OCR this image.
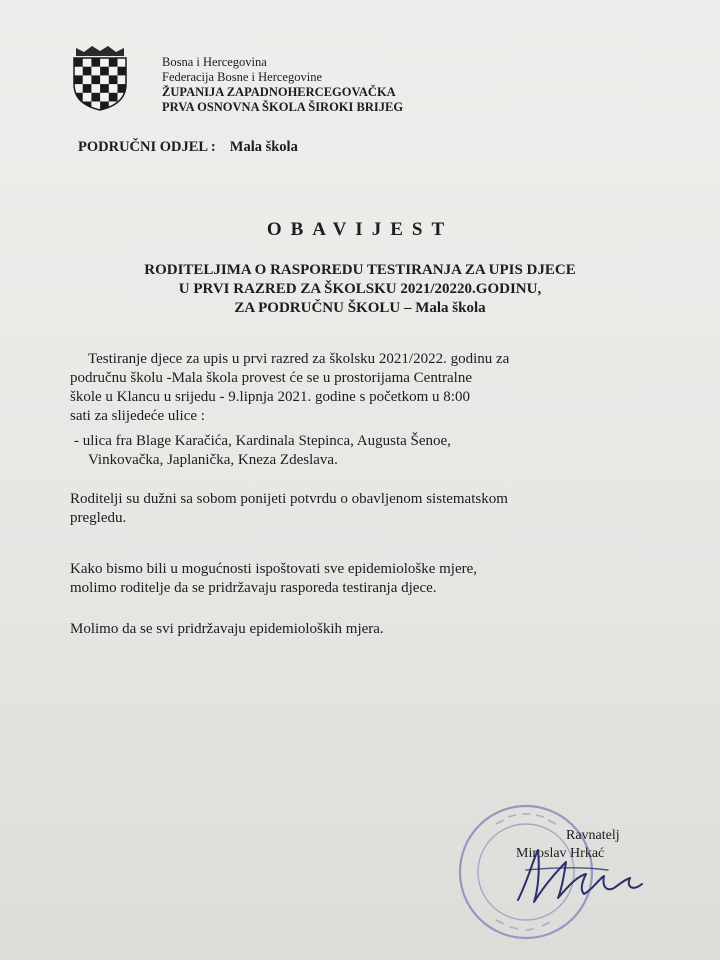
Bosna i Hercegovina
Federacija Bosne i Hercegovine
ŽUPANIJA ZAPADNOHERCEGOVAČKA
PRVA OSNOVNA ŠKOLA ŠIROKI BRIJEG
PODRUČNI ODJEL : Mala škola
OBAVIJEST
RODITELJIMA O RASPOREDU TESTIRANJA ZA UPIS DJECE
U PRVI RAZRED ZA ŠKOLSKU 2021/20220.GODINU,
ZA PODRUČNU ŠKOLU – Mala škola
Testiranje djece za upis u prvi razred za školsku 2021/2022. godinu za
područnu školu -Mala škola provest će se u prostorijama Centralne
škole u Klancu u srijedu - 9.lipnja 2021. godine s početkom u 8:00
sati za slijedeće ulice :
- ulica fra Blage Karačića, Kardinala Stepinca, Augusta Šenoe,
Vinkovačka, Japlanička, Kneza Zdeslava.
Roditelji su dužni sa sobom ponijeti potvrdu o obavljenom sistematskom
pregledu.
Kako bismo bili u mogućnosti ispoštovati sve epidemiološke mjere,
molimo roditelje da se pridržavaju rasporeda testiranja djece.
Molimo da se svi pridržavaju epidemioloških mjera.
Ravnatelj
Miroslav Hrkać
